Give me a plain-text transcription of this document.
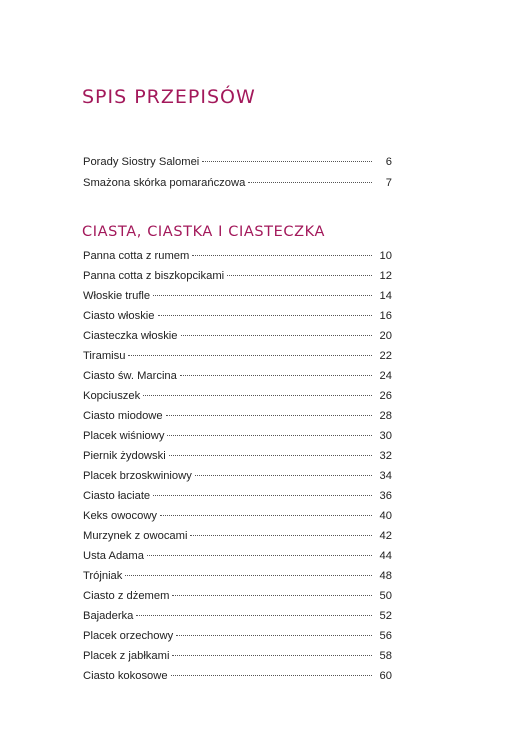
SPIS PRZEPISÓW
Porady Siostry Salomei	6
Smażona skórka pomarańczowa	7
CIASTA, CIASTKA I CIASTECZKA
Panna cotta z rumem	10
Panna cotta z biszkopcikami	12
Włoskie trufle	14
Ciasto włoskie	16
Ciasteczka włoskie	20
Tiramisu	22
Ciasto św. Marcina	24
Kopciuszek	26
Ciasto miodowe	28
Placek wiśniowy	30
Piernik żydowski	32
Placek brzoskwiniowy	34
Ciasto łaciate	36
Keks owocowy	40
Murzynek z owocami	42
Usta Adama	44
Trójniak	48
Ciasto z dżemem	50
Bajaderka	52
Placek orzechowy	56
Placek z jabłkami	58
Ciasto kokosowe	60
